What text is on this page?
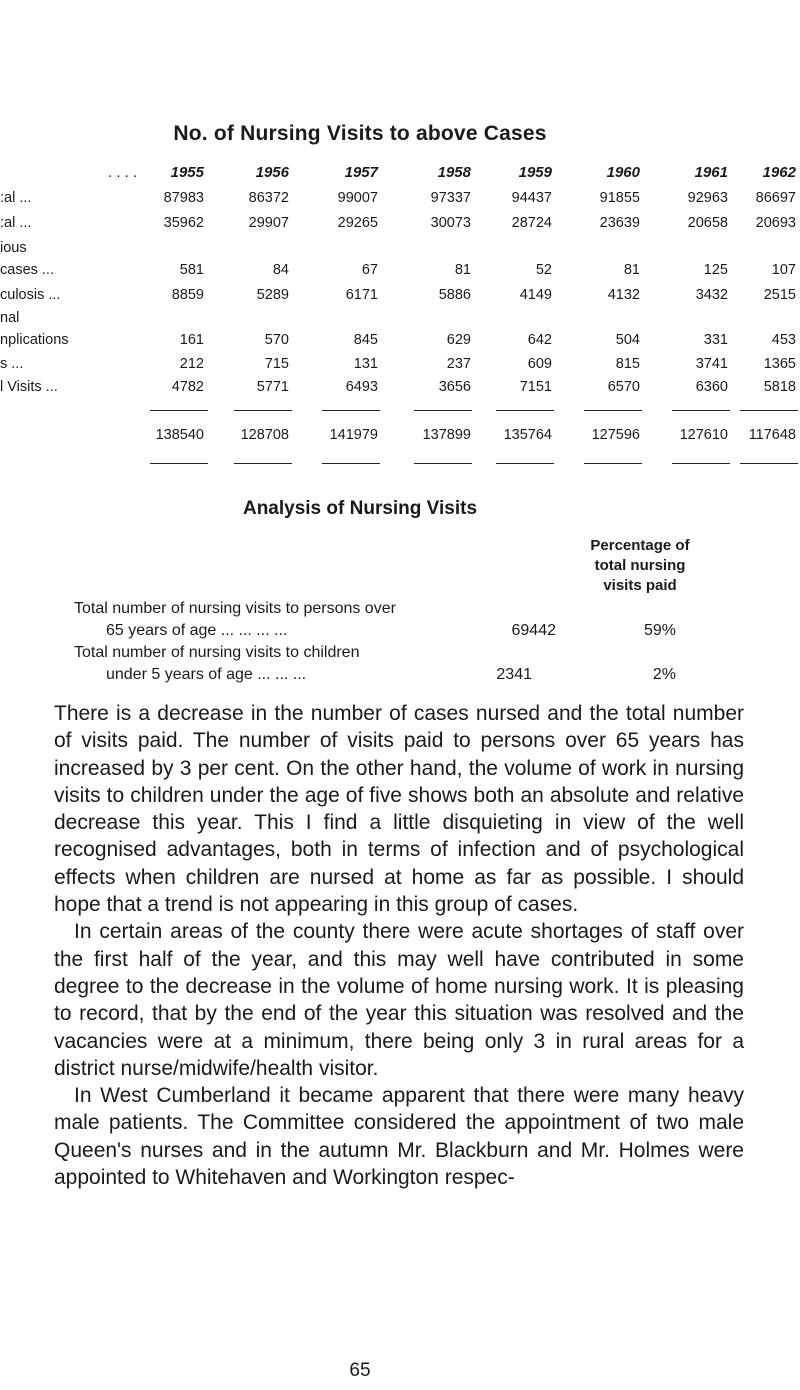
No. of Nursing Visits to above Cases
. . . .	1955	1956	1957	1958	1959	1960	1961	1962
:al ...	87983	86372	99007	97337	94437	91855	92963	86697
:al ...	35962	29907	29265	30073	28724	23639	20658	20693
ious
cases ...	581	84	67	81	52	81	125	107
culosis ...	8859	5289	6171	5886	4149	4132	3432	2515
nal
nplications	161	570	845	629	642	504	331	453
s ...	212	715	131	237	609	815	3741	1365
l Visits ...	4782	5771	6493	3656	7151	6570	6360	5818
138540	128708	141979	137899	135764	127596	127610	117648
Analysis of Nursing Visits
Percentage of
total nursing
visits paid
Total number of nursing visits to persons over
65 years of age ... ... ... ...	69442	59%
Total number of nursing visits to children
under 5 years of age ... ... ...	2341	2%

There is a decrease in the number of cases nursed and the total number of visits paid. The number of visits paid to persons over 65 years has increased by 3 per cent. On the other hand, the volume of work in nursing visits to children under the age of five shows both an absolute and relative decrease this year. This I find a little disquieting in view of the well recognised advantages, both in terms of infection and of psychological effects when children are nursed at home as far as possible. I should hope that a trend is not appearing in this group of cases.

In certain areas of the county there were acute shortages of staff over the first half of the year, and this may well have contributed in some degree to the decrease in the volume of home nursing work. It is pleasing to record, that by the end of the year this situation was resolved and the vacancies were at a minimum, there being only 3 in rural areas for a district nurse/midwife/health visitor.

In West Cumberland it became apparent that there were many heavy male patients. The Committee considered the appointment of two male Queen's nurses and in the autumn Mr. Blackburn and Mr. Holmes were appointed to Whitehaven and Workington respec-

65
